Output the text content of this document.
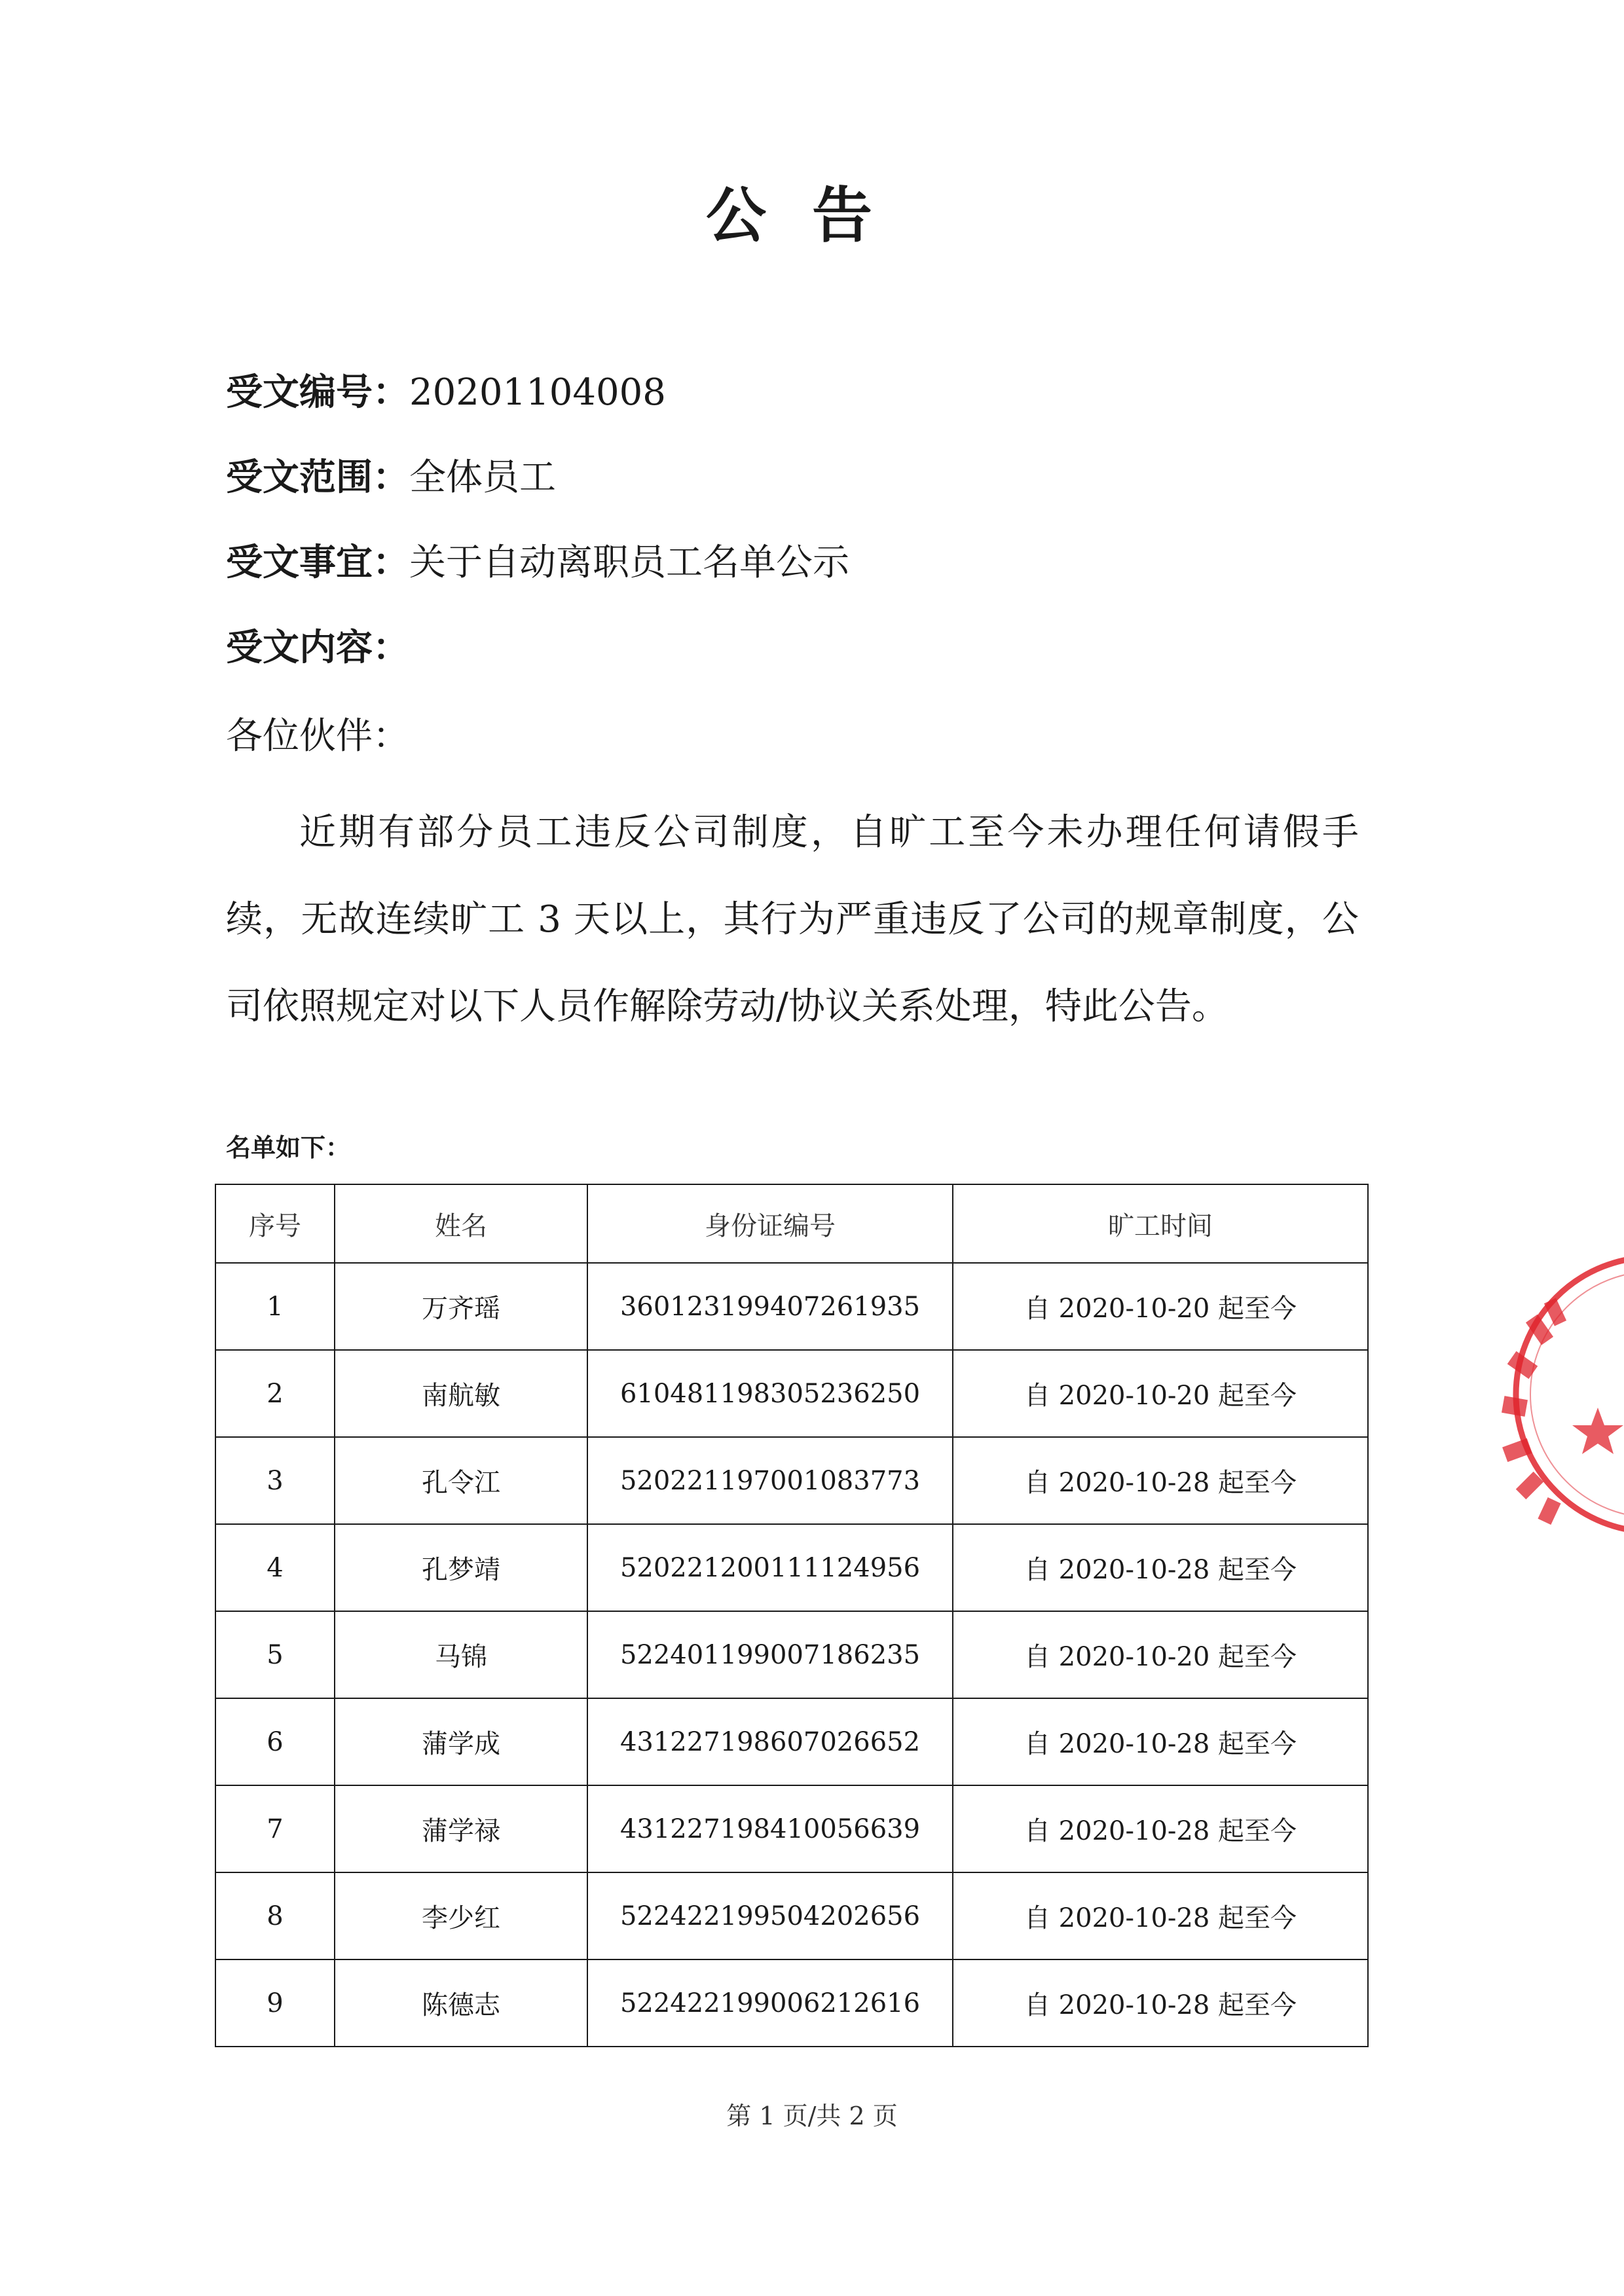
公告
受文编号：20201104008
受文范围：全体员工
受文事宜：关于自动离职员工名单公示
受文内容：
各位伙伴：
近期有部分员工违反公司制度，自旷工至今未办理任何请假手续，无故连续旷工 3 天以上，其行为严重违反了公司的规章制度，公司依照规定对以下人员作解除劳动/协议关系处理，特此公告。
名单如下：
序号	姓名	身份证编号	旷工时间
1	万齐瑶	360123199407261935	自 2020-10-20 起至今
2	南航敏	610481198305236250	自 2020-10-20 起至今
3	孔令江	520221197001083773	自 2020-10-28 起至今
4	孔梦靖	520221200111124956	自 2020-10-28 起至今
5	马锦	522401199007186235	自 2020-10-20 起至今
6	蒲学成	431227198607026652	自 2020-10-28 起至今
7	蒲学禄	431227198410056639	自 2020-10-28 起至今
8	李少红	522422199504202656	自 2020-10-28 起至今
9	陈德志	522422199006212616	自 2020-10-28 起至今
第 1 页/共 2 页
